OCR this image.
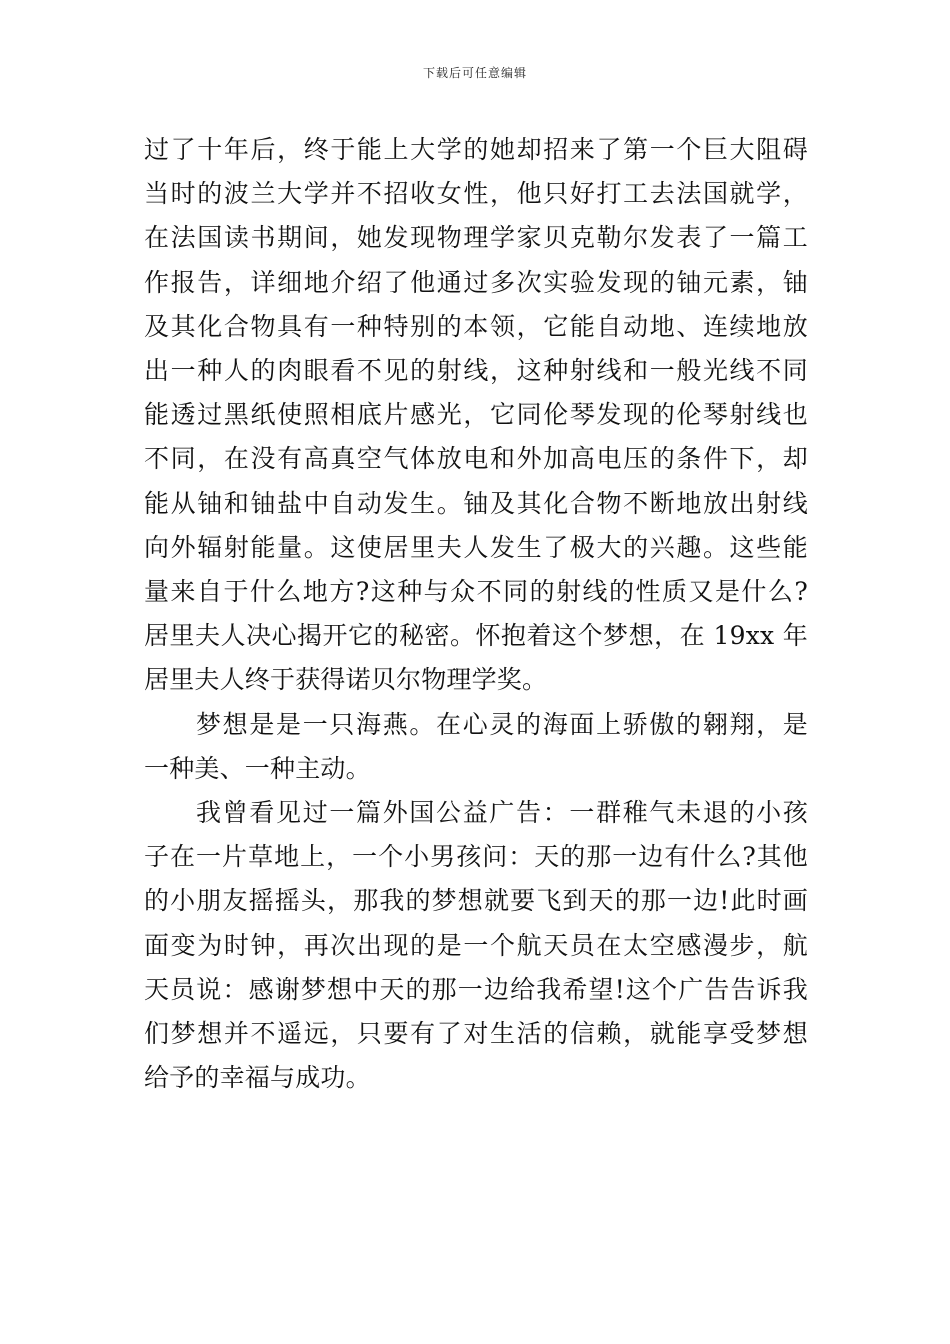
下载后可任意编辑
过了十年后，终于能上大学的她却招来了第一个巨大阻碍
当时的波兰大学并不招收女性，他只好打工去法国就学，
在法国读书期间，她发现物理学家贝克勒尔发表了一篇工
作报告，详细地介绍了他通过多次实验发现的铀元素，铀
及其化合物具有一种特别的本领，它能自动地、连续地放
出一种人的肉眼看不见的射线，这种射线和一般光线不同
能透过黑纸使照相底片感光，它同伦琴发现的伦琴射线也
不同，在没有高真空气体放电和外加高电压的条件下，却
能从铀和铀盐中自动发生。铀及其化合物不断地放出射线
向外辐射能量。这使居里夫人发生了极大的兴趣。这些能
量来自于什么地方?这种与众不同的射线的性质又是什么?
居里夫人决心揭开它的秘密。怀抱着这个梦想，在 19xx 年
居里夫人终于获得诺贝尔物理学奖。
梦想是是一只海燕。在心灵的海面上骄傲的翱翔，是
一种美、一种主动。
我曾看见过一篇外国公益广告：一群稚气未退的小孩
子在一片草地上，一个小男孩问：天的那一边有什么?其他
的小朋友摇摇头，那我的梦想就要飞到天的那一边!此时画
面变为时钟，再次出现的是一个航天员在太空感漫步，航
天员说：感谢梦想中天的那一边给我希望!这个广告告诉我
们梦想并不遥远，只要有了对生活的信赖，就能享受梦想
给予的幸福与成功。
